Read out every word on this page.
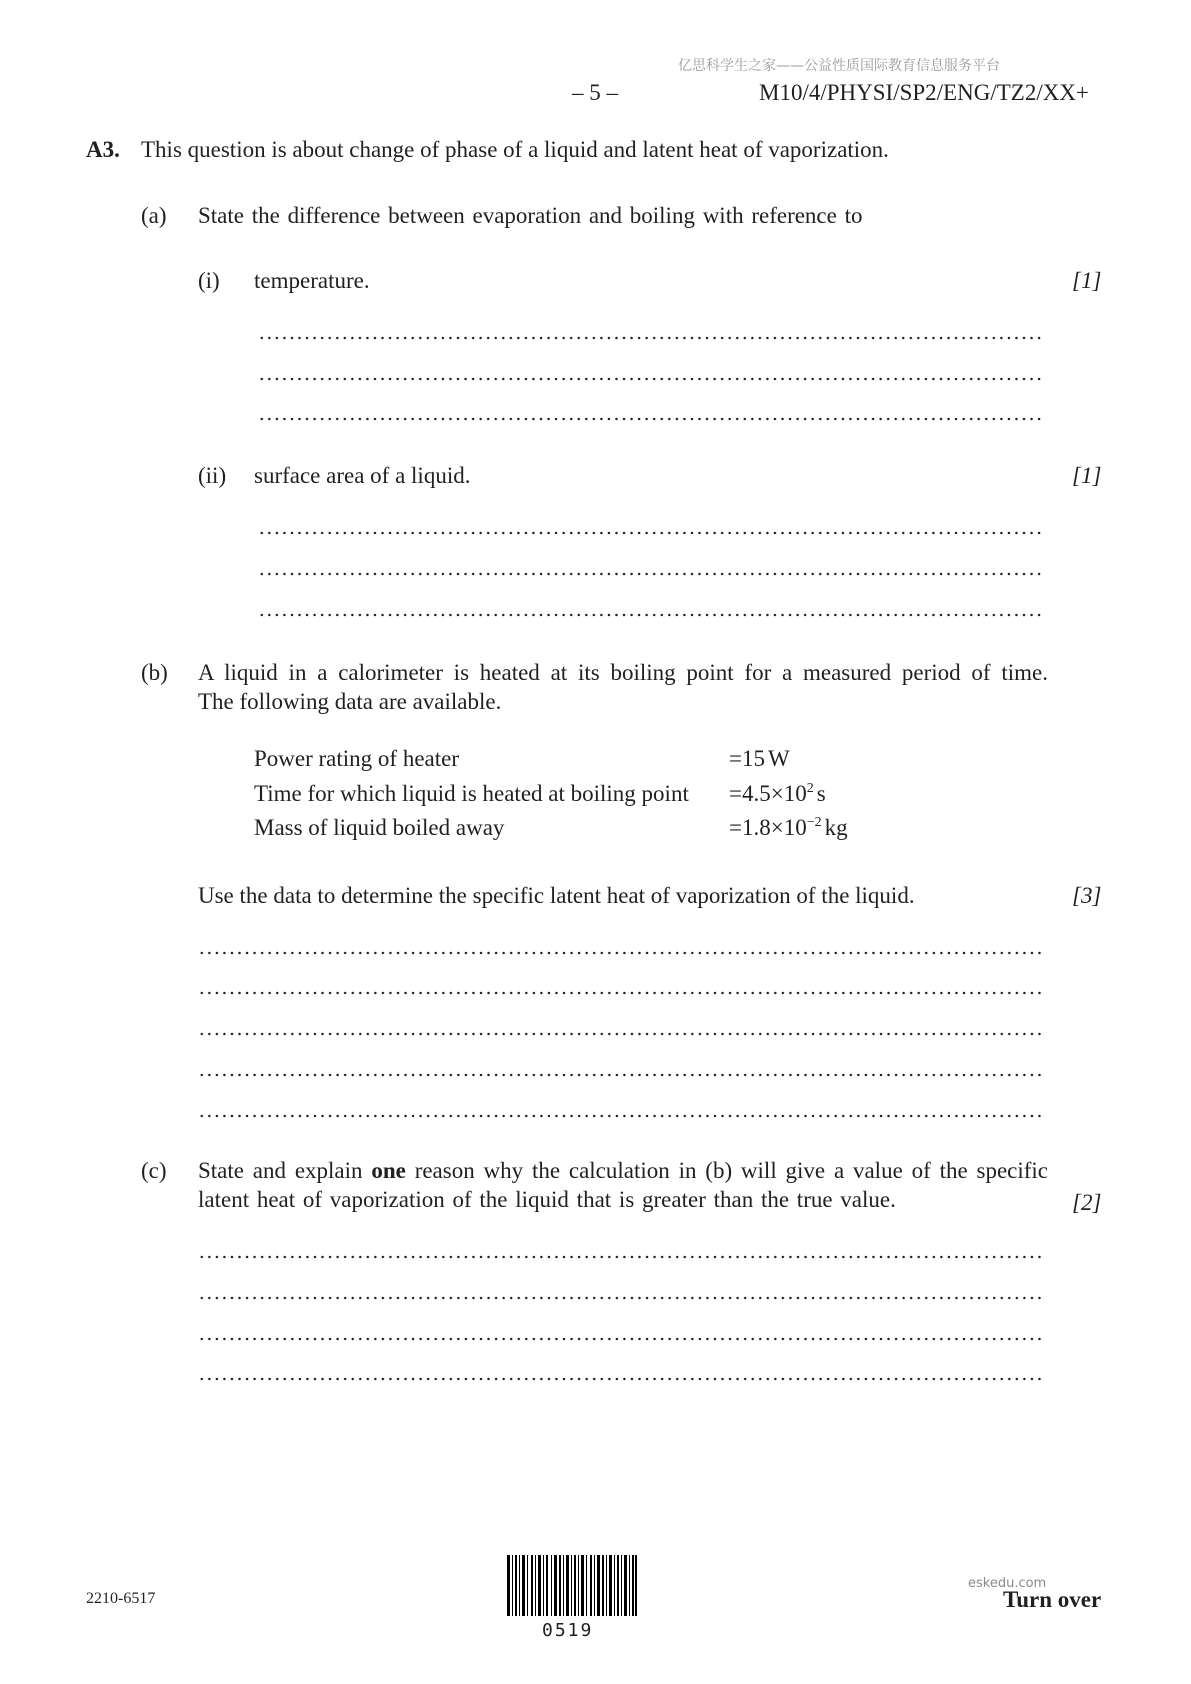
亿思科学生之家——公益性质国际教育信息服务平台
– 5 –	M10/4/PHYSI/SP2/ENG/TZ2/XX+
A3. This question is about change of phase of a liquid and latent heat of vaporization.
(a) State the difference between evaporation and boiling with reference to
(i) temperature.	[1]
(ii) surface area of a liquid.	[1]
(b) A liquid in a calorimeter is heated at its boiling point for a measured period of time.
The following data are available.
Power rating of heater	=15 W
Time for which liquid is heated at boiling point $=4.5\times 10^2$ s
Mass of liquid boiled away	$=1.8\times 10^{-2}$ kg
Use the data to determine the specific latent heat of vaporization of the liquid.	[3]
(c) State and explain one reason why the calculation in (b) will give a value of the specific
latent heat of vaporization of the liquid that is greater than the true value.	[2]
2210-6517
0519
eskedu.com
Turn over
